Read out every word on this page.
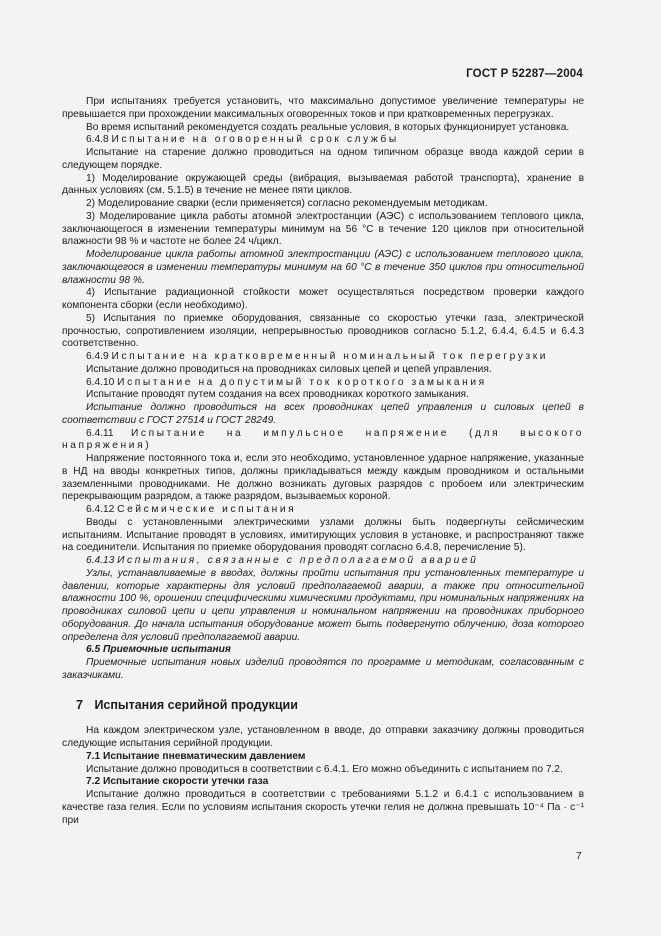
ГОСТ Р 52287—2004

При испытаниях требуется установить, что максимально допустимое увеличение температуры не превышается при прохождении максимальных оговоренных токов и при кратковременных перегрузках.

Во время испытаний рекомендуется создать реальные условия, в которых функционирует установка.

6.4.8 Испытание на оговоренный срок службы

Испытание на старение должно проводиться на одном типичном образце ввода каждой серии в следующем порядке.

1) Моделирование окружающей среды (вибрация, вызываемая работой транспорта), хранение в данных условиях (см. 5.1.5) в течение не менее пяти циклов.

2) Моделирование сварки (если применяется) согласно рекомендуемым методикам.

3) Моделирование цикла работы атомной электростанции (АЭС) с использованием теплового цикла, заключающегося в изменении температуры минимум на 56 °С в течение 120 циклов при относительной влажности 98 % и частоте не более 24 ч/цикл.

Моделирование цикла работы атомной электростанции (АЭС) с использованием теплового цикла, заключающегося в изменении температуры минимум на 60 °С в течение 350 циклов при относительной влажности 98 %.

4) Испытание радиационной стойкости может осуществляться посредством проверки каждого компонента сборки (если необходимо).

5) Испытания по приемке оборудования, связанные со скоростью утечки газа, электрической прочностью, сопротивлением изоляции, непрерывностью проводников согласно 5.1.2, 6.4.4, 6.4.5 и 6.4.3 соответственно.

6.4.9 Испытание на кратковременный номинальный ток перегрузки

Испытание должно проводиться на проводниках силовых цепей и цепей управления.

6.4.10 Испытание на допустимый ток короткого замыкания

Испытание проводят путем создания на всех проводниках короткого замыкания.

Испытание должно проводиться на всех проводниках цепей управления и силовых цепей в соответствии с ГОСТ 27514 и ГОСТ 28249.

6.4.11 Испытание на импульсное напряжение (для высокого напряжения)

Напряжение постоянного тока и, если это необходимо, установленное ударное напряжение, указанные в НД на вводы конкретных типов, должны прикладываться между каждым проводником и остальными заземленными проводниками. Не должно возникать дуговых разрядов с пробоем или электрическим перекрывающим разрядом, а также разрядом, вызываемых короной.

6.4.12 Сейсмические испытания

Вводы с установленными электрическими узлами должны быть подвергнуты сейсмическим испытаниям. Испытание проводят в условиях, имитирующих условия в установке, и распространяют также на соединители. Испытания по приемке оборудования проводят согласно 6.4.8, перечисление 5).

6.4.13 Испытания, связанные с предполагаемой аварией

Узлы, устанавливаемые в вводах, должны пройти испытания при установленных температуре и давлении, которые характерны для условий предполагаемой аварии, а также при относительной влажности 100 %, орошении специфическими химическими продуктами, при номинальных напряжениях на проводниках силовой цепи и цепи управления и номинальном напряжении на проводниках приборного оборудования. До начала испытания оборудование может быть подвергнуто облучению, доза которого определена для условий предполагаемой аварии.

6.5 Приемочные испытания

Приемочные испытания новых изделий проводятся по программе и методикам, согласованным с заказчиками.

7 Испытания серийной продукции

На каждом электрическом узле, установленном в вводе, до отправки заказчику должны проводиться следующие испытания серийной продукции.

7.1 Испытание пневматическим давлением

Испытание должно проводиться в соответствии с 6.4.1. Его можно объединить с испытанием по 7.2.

7.2 Испытание скорости утечки газа

Испытание должно проводиться в соответствии с требованиями 5.1.2 и 6.4.1 с использованием в качестве газа гелия. Если по условиям испытания скорость утечки гелия не должна превышать 10⁻⁴ Па · с⁻¹ при

7
